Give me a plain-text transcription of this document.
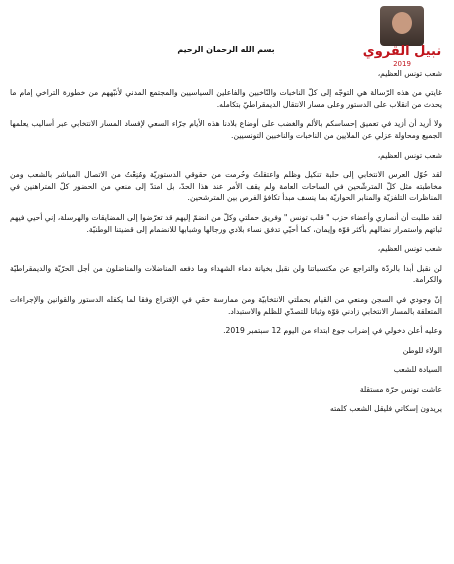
نبيل القروي
2019
بسم الله الرحمان الرحيم

شعب تونس العظيم،

غايتي من هذه الرّسالة هي التوجّه إلى كلّ الناخبات والنّاخبين والفاعلين السياسيين والمجتمع المدني لأنبّههم من خطورة التراخي إمام ما يحدث من انقلاب على الدستور وعلى مسار الانتقال الديمقراطيّ بتكامله.

ولا أريد أن أزيد في تعميق إحساسكم بالألم والغضب على أوضاع بلادنا هذه الأيام جرّاء السعي لإفساد المسار الانتخابي عبر أساليب يعلمها الجميع ومحاولة عزلي عن الملايين من الناخبات والناخبين التونسيين.

شعب تونس العظيم،

لقد حُوّل العرس الانتخابي إلى حلبة تنكيل وظلم واعتقلتُ وحُرمت من حقوقي الدستوريّة ومُنِعْتُ من الاتصال المباشر بالشعب ومن مخاطبته مثل كلّ المترشّحين في الساحات العامة ولم يقف الأمر عند هذا الحدّ، بل امتدّ إلى منعي من الحضور كلّ المتراهنين في المناظرات التلفزيّة والمنابر الحواريّة بما ينسف مبدأ تكافؤ الفرص بين المترشحين.

لقد طلبت أن أنصاري وأعضاء حزب " قلب تونس " وفريق حملتي وكلّ من انضمّ إليهم قد تعرّضوا إلى المضايقات والهرسلة، إني أحيي فيهم ثباتهم واستمرار نضالهم بأكثر قوّة وإيمان، كما أحيّي تدفق نساء بلادي ورجالها وشبابها للانضمام إلى قضيتنا الوطنيّة.

شعب تونس العظيم،

لن نقبل أبدا بالردّة والتراجع عن مكتسباتنا ولن نقبل بخيانة دماء الشهداء وما دفعه المناضلات والمناضلون من أجل الحرّيّة والديمقراطيّة والكرامة.

إنّ وجودي في السجن ومنعي من القيام بحملتي الانتخابيّة ومن ممارسة حقي في الإقتراع وفقا لما يكفله الدستور والقوانين والإجراءات المتعلقة بالمسار الانتخابي زادني قوّة وثباتا للتصدّي للظلم والاستبداد.

وعليه أعلن دخولي في إضراب جوع ابتداء من اليوم 12 سبتمبر 2019.

الولاء للوطن

السيادة للشعب

عاشت تونس حرّة مستقلة

يريدون إسكاتي فليقل الشعب كلمته
